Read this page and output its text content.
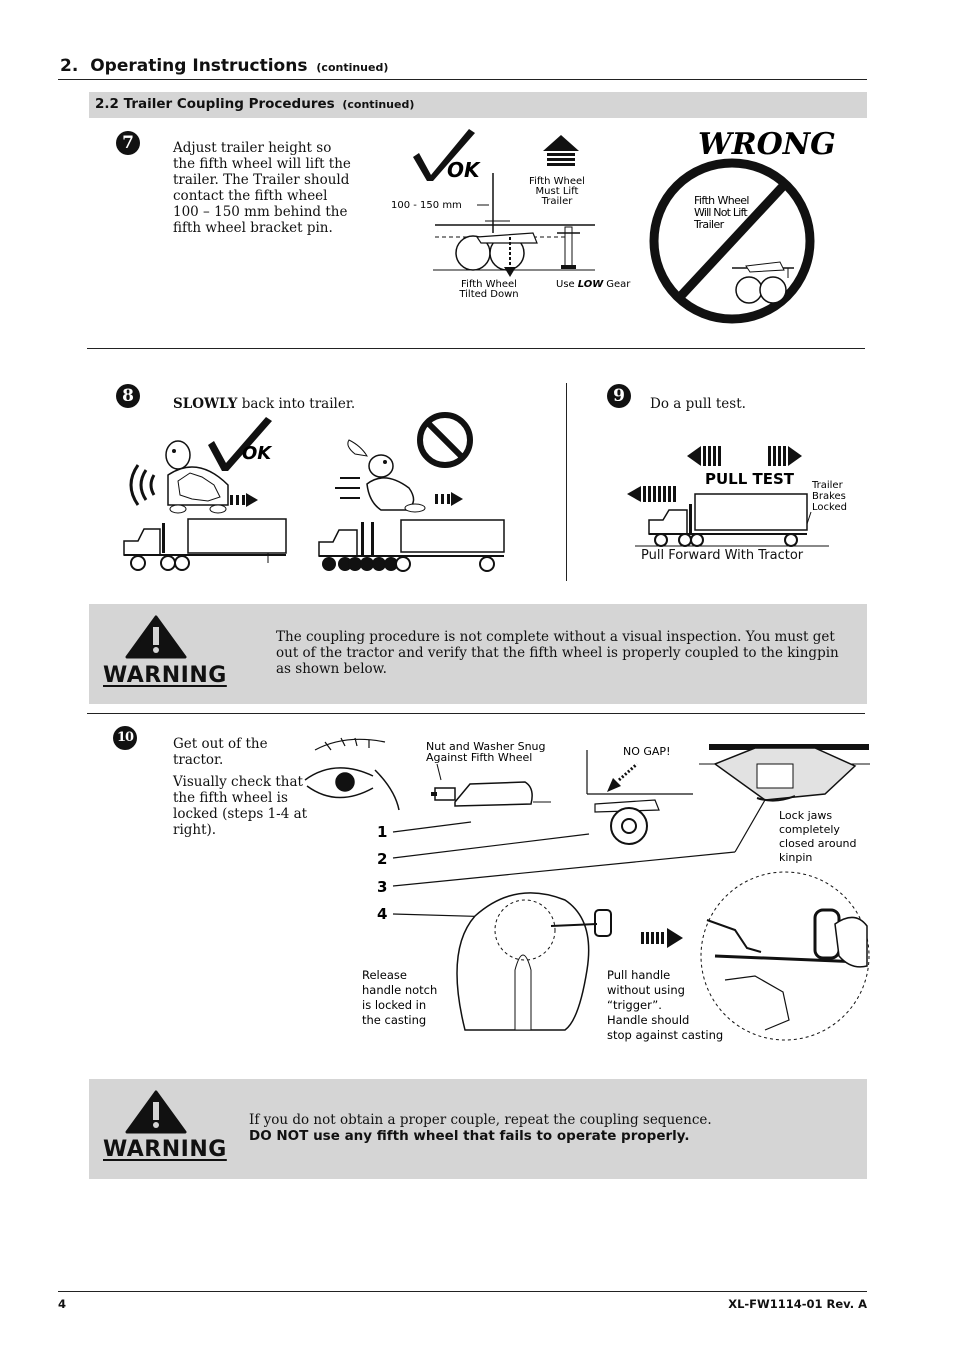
2. Operating Instructions (continued)
2.2 Trailer Coupling Procedures (continued)
7	Adjust trailer height so the fifth wheel will lift the trailer. The Trailer should contact the fifth wheel 100 – 150 mm behind the fifth wheel bracket pin.
OK	Fifth Wheel
Must Lift
Trailer
100 - 150 mm
Fifth Wheel
Tilted Down
Use LOW Gear
WRONG
Fifth Wheel
Will Not Lift
Trailer
8	SLOWLY back into trailer.
OK
9	Do a pull test.
PULL TEST Trailer
Brakes
Locked
Pull Forward With Tractor
WARNING
The coupling procedure is not complete without a visual inspection. You must get out of the tractor and verify that the fifth wheel is properly coupled to the kingpin as shown below.
10	Get out of the tractor.
Visually check that the fifth wheel is locked (steps 1-4 at right).
Nut and Washer Snug
Against Fifth Wheel	NO GAP!
Lock jaws
completely
closed around
kinpin
1
2
3
4
Release
handle notch
is locked in
the casting
Pull handle
without using
“trigger”.
Handle should
stop against casting
WARNING
If you do not obtain a proper couple, repeat the coupling sequence.
DO NOT use any fifth wheel that fails to operate properly.
4	XL-FW1114-01 Rev. A
